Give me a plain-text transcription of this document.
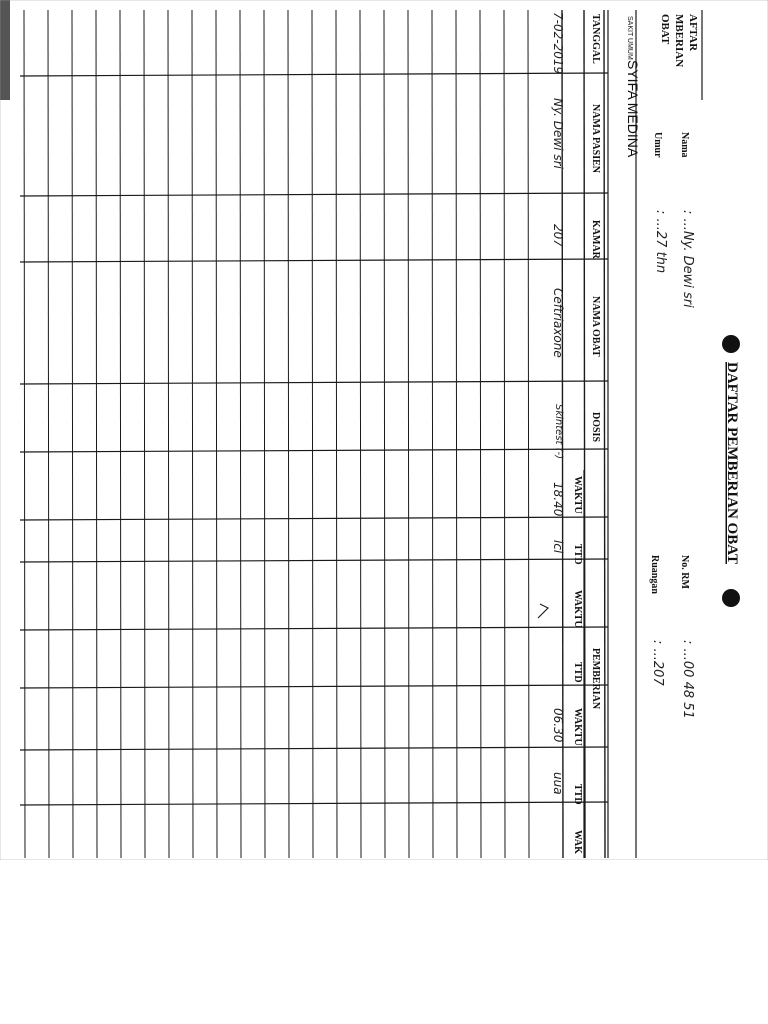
DAFTAR PEMBERIAN OBAT
AFTAR
MBERIAN
OBAT
SAKIT UMUM
SYIFA MEDINA	Nama
: ...Ny. Dewi sri
Umur
: ...27 thn
No. RM
: ...00 48 51
Ruangan
: ...207
TANGGAL
NAMA PASIEN
KAMAR
NAMA OBAT
DOSIS
WAKTU
TTD
WAKTU
TTD
WAKTU
TTD
WAK
PEMBERIAN
7-02-2019
Ny. Dewi sri
207
Ceftriaxone
Skintest (-)
18.40
lcl
06.30
uua
